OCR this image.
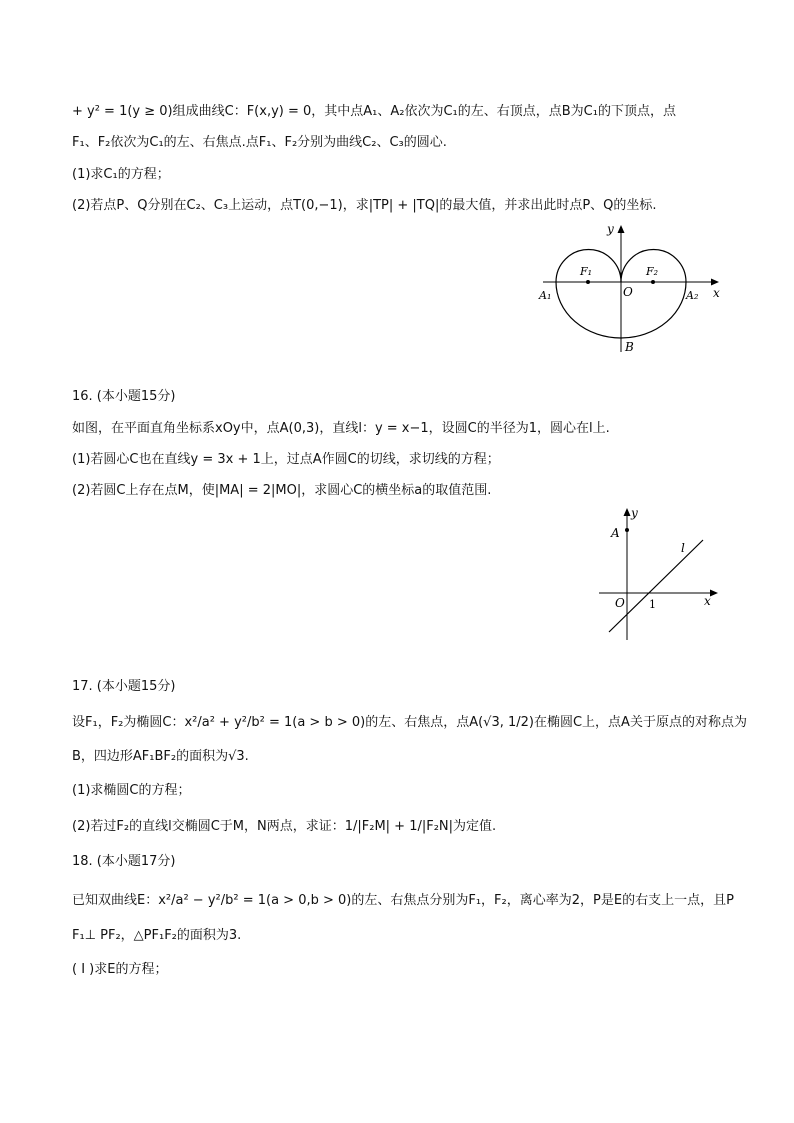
+ y² = 1(y ≥ 0)组成曲线C：F(x,y) = 0，其中点A₁、A₂依次为C₁的左、右顶点，点B为C₁的下顶点，点
F₁、F₂依次为C₁的左、右焦点.点F₁、F₂分别为曲线C₂、C₃的圆心.
(1)求C₁的方程；
(2)若点P、Q分别在C₂、C₃上运动，点T(0,−1)，求|TP| + |TQ|的最大值，并求出此时点P、Q的坐标.
y
x
F₁	F₂
O
A₁	A₂
B
16. (本小题15分)
如图，在平面直角坐标系xOy中，点A(0,3)，直线l：y = x−1，设圆C的半径为1，圆心在l上.
(1)若圆心C也在直线y = 3x + 1上，过点A作圆C的切线，求切线的方程；
(2)若圆C上存在点M，使|MA| = 2|MO|，求圆心C的横坐标a的取值范围.
y
x
A
O 1
l
17. (本小题15分)
设F₁，F₂为椭圆C：x²/a² + y²/b² = 1(a > b > 0)的左、右焦点，点A(√3, 1/2)在椭圆C上，点A关于原点的对称点为
B，四边形AF₁BF₂的面积为√3.
(1)求椭圆C的方程；
(2)若过F₂的直线l交椭圆C于M，N两点，求证：1/|F₂M| + 1/|F₂N|为定值.
18. (本小题17分)
已知双曲线E：x²/a² − y²/b² = 1(a > 0,b > 0)的左、右焦点分别为F₁，F₂，离心率为2，P是E的右支上一点，且P
F₁⊥ PF₂，△PF₁F₂的面积为3.
( I )求E的方程；
